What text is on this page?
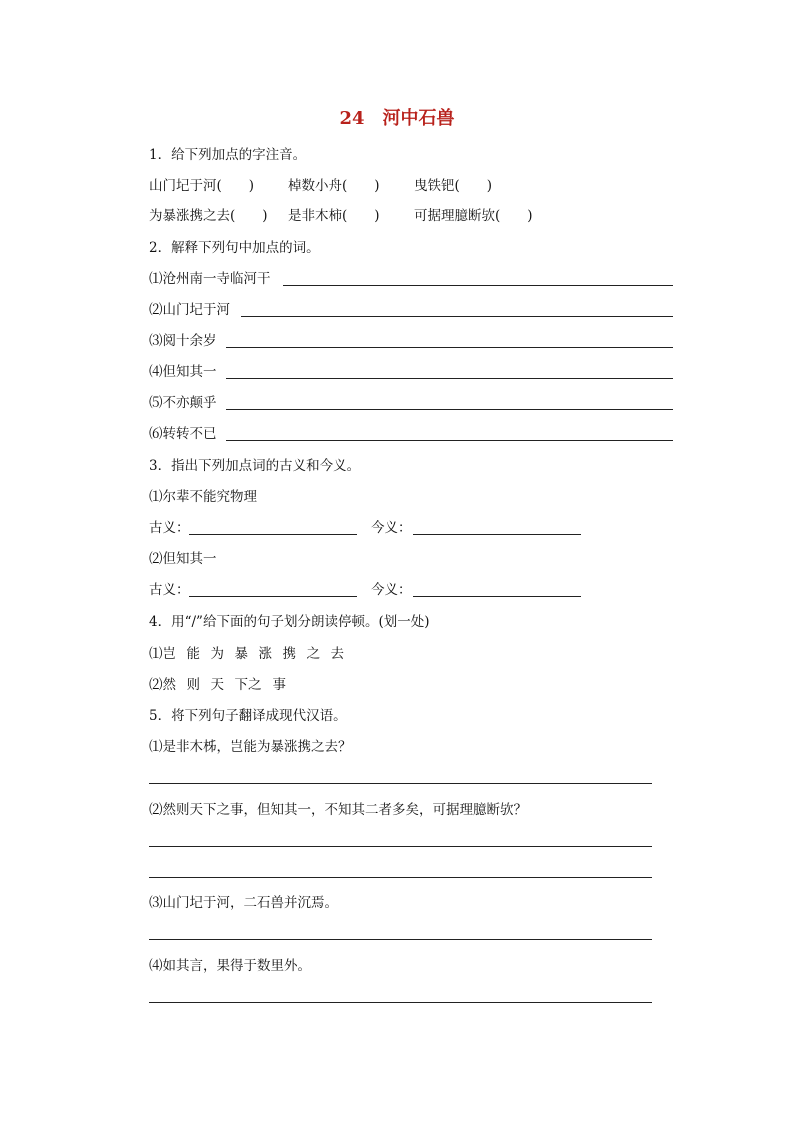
24 河中石兽
1．给下列加点的字注音。
山门圮于河(　　)	棹数小舟(　　)	曳铁钯(　　)
为暴涨携之去(　　) 是非木柿(　　)	可据理臆断欤(　　)
2．解释下列句中加点的词。
⑴沧州南一寺临河干
⑵山门圮于河
⑶阅十余岁
⑷但知其一
⑸不亦颠乎
⑹转转不已
3．指出下列加点词的古义和今义。
⑴尔辈不能究物理
古义：	今义：
⑵但知其一
古义：	今义：
4．用“/”给下面的句子划分朗读停顿。(划一处)
⑴岂 能 为 暴 涨 携 之 去
⑵然 则 天 下之 事
5．将下列句子翻译成现代汉语。
⑴是非木柹，岂能为暴涨携之去？
⑵然则天下之事，但知其一，不知其二者多矣，可据理臆断欤？
⑶山门圮于河，二石兽并沉焉。
⑷如其言，果得于数里外。
